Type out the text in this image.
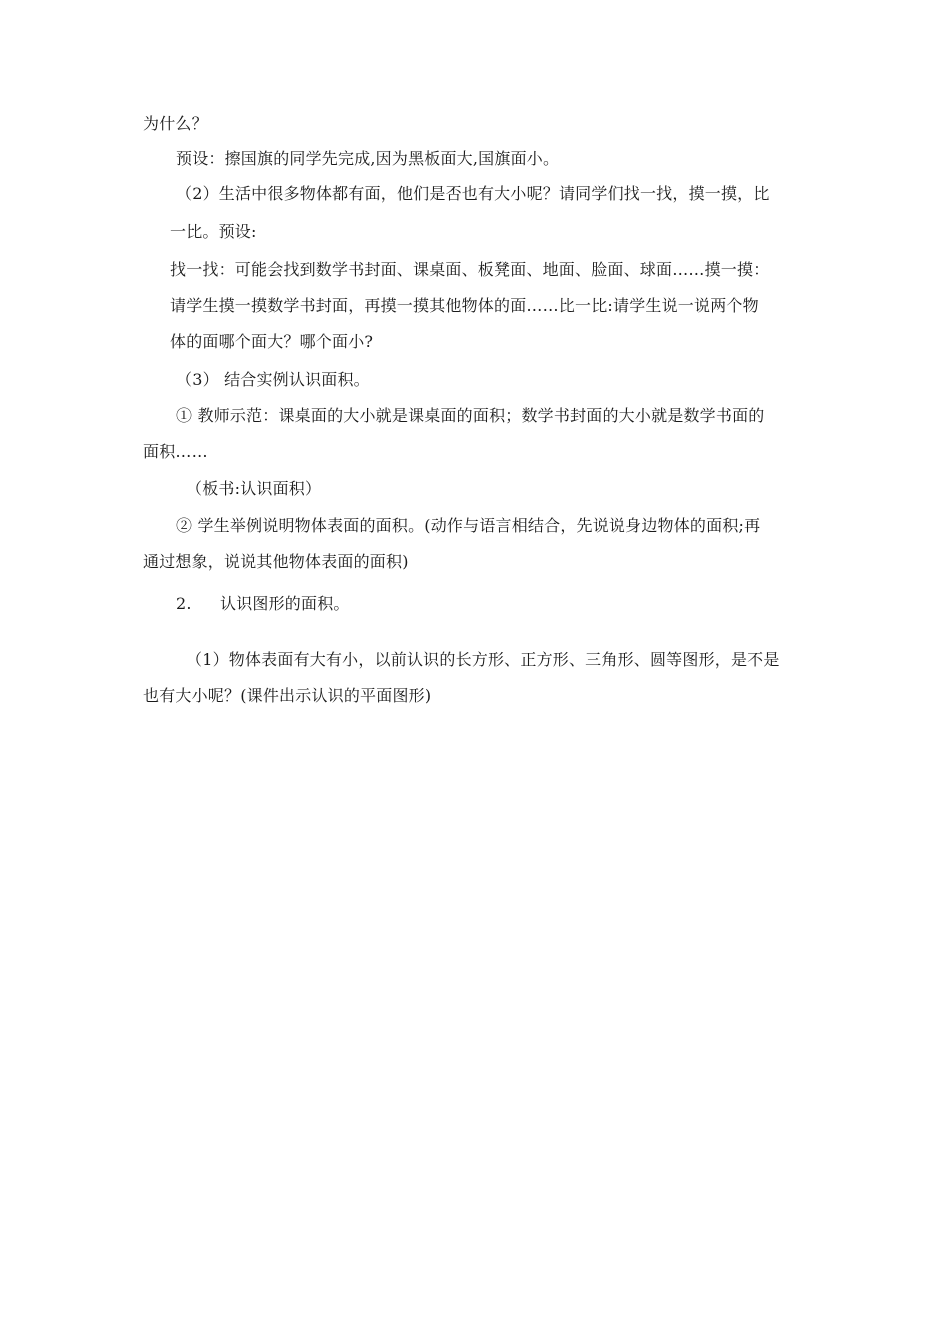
为什么？
预设：擦国旗的同学先完成,因为黑板面大,国旗面小。
（2）生活中很多物体都有面，他们是否也有大小呢？请同学们找一找，摸一摸，比
一比。预设:
找一找：可能会找到数学书封面、课桌面、板凳面、地面、脸面、球面……摸一摸：
请学生摸一摸数学书封面，再摸一摸其他物体的面……比一比:请学生说一说两个物
体的面哪个面大？哪个面小?
（3） 结合实例认识面积。
① 教师示范：课桌面的大小就是课桌面的面积；数学书封面的大小就是数学书面的
面积……
（板书:认识面积）
② 学生举例说明物体表面的面积。(动作与语言相结合，先说说身边物体的面积;再
通过想象，说说其他物体表面的面积)
2. 认识图形的面积。
（1）物体表面有大有小，以前认识的长方形、正方形、三角形、圆等图形，是不是
也有大小呢？(课件出示认识的平面图形)
